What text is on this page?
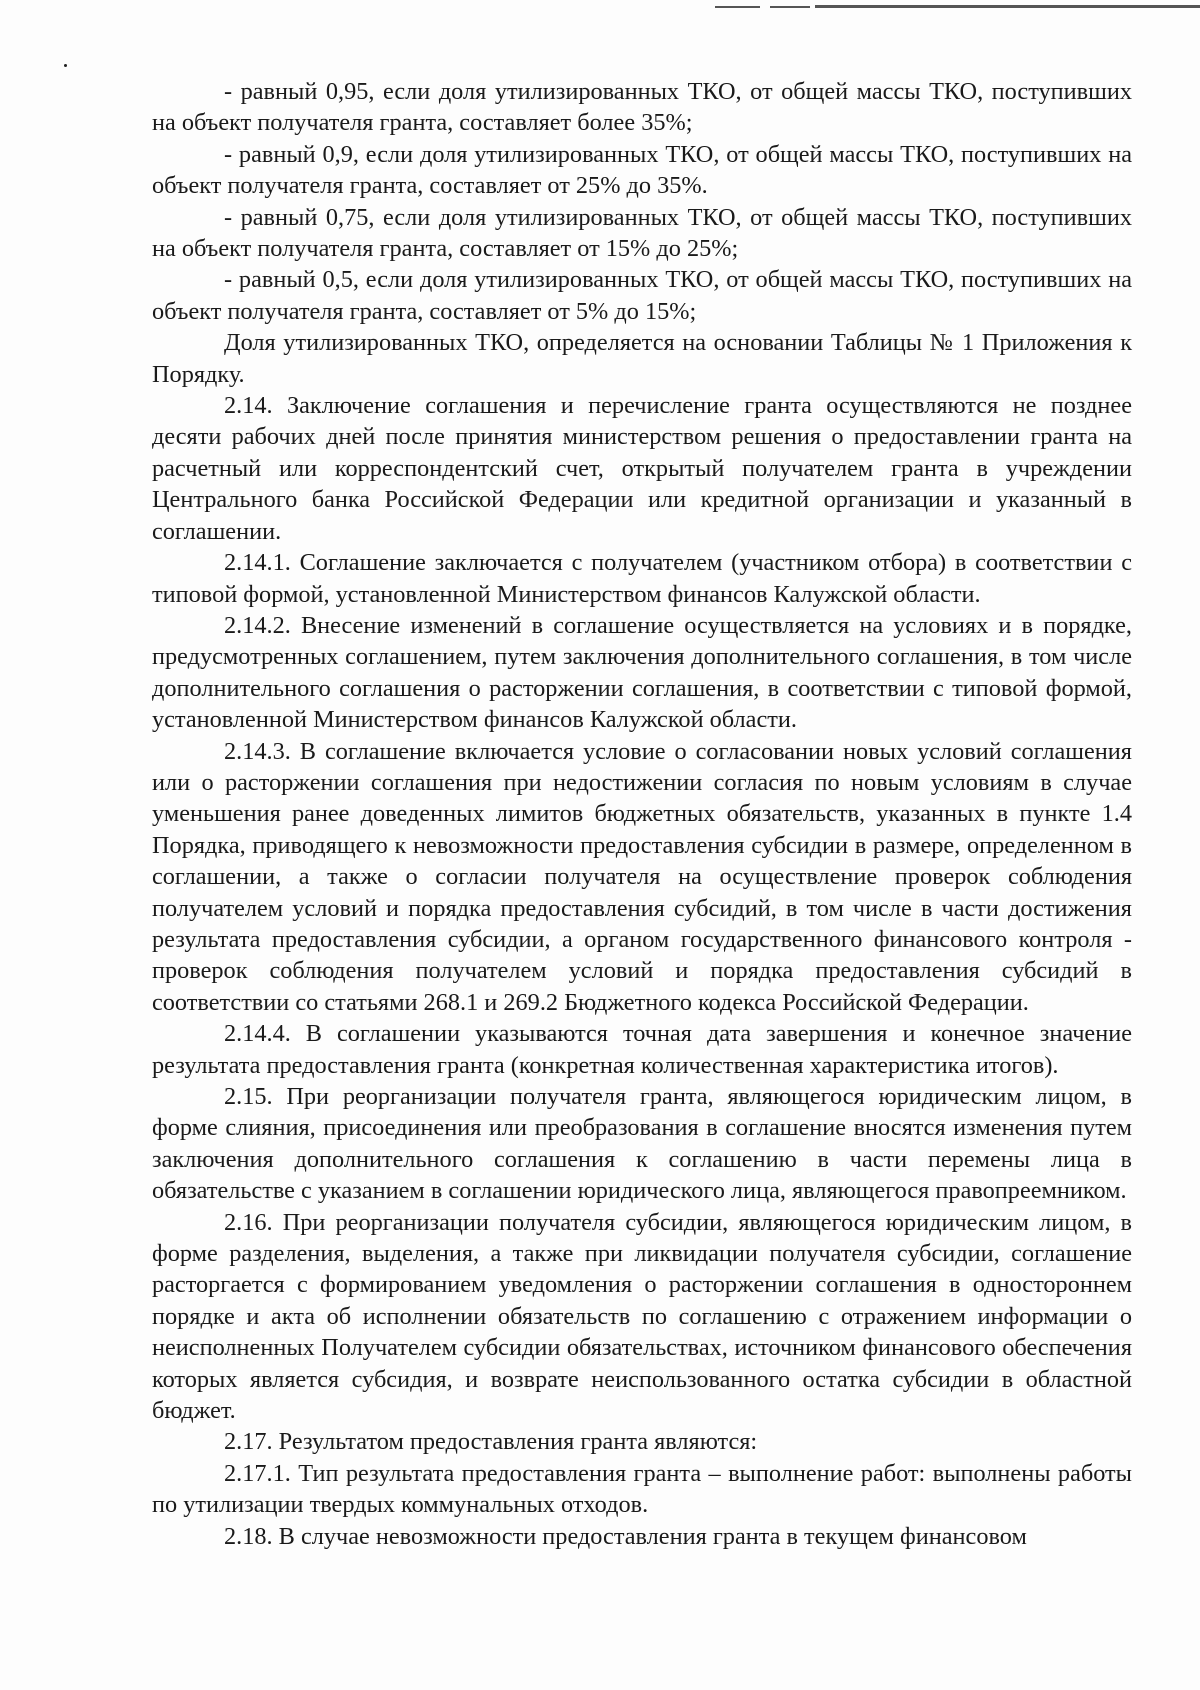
- равный 0,95, если доля утилизированных ТКО, от общей массы ТКО, поступивших на объект получателя гранта, составляет более 35%;

- равный 0,9, если доля утилизированных ТКО, от общей массы ТКО, поступивших на объект получателя гранта, составляет от 25% до 35%.

- равный 0,75, если доля утилизированных ТКО, от общей массы ТКО, поступивших на объект получателя гранта, составляет от 15% до 25%;

- равный 0,5, если доля утилизированных ТКО, от общей массы ТКО, поступивших на объект получателя гранта, составляет от 5% до 15%;

Доля утилизированных ТКО, определяется на основании Таблицы № 1 Приложения к Порядку.

2.14. Заключение соглашения и перечисление гранта осуществляются не позднее десяти рабочих дней после принятия министерством решения о предоставлении гранта на расчетный или корреспондентский счет, открытый получателем гранта в учреждении Центрального банка Российской Федерации или кредитной организации и указанный в соглашении.

2.14.1. Соглашение заключается с получателем (участником отбора) в соответствии с типовой формой, установленной Министерством финансов Калужской области.

2.14.2. Внесение изменений в соглашение осуществляется на условиях и в порядке, предусмотренных соглашением, путем заключения дополнительного соглашения, в том числе дополнительного соглашения о расторжении соглашения, в соответствии с типовой формой, установленной Министерством финансов Калужской области.

2.14.3. В соглашение включается условие о согласовании новых условий соглашения или о расторжении соглашения при недостижении согласия по новым условиям в случае уменьшения ранее доведенных лимитов бюджетных обязательств, указанных в пункте 1.4 Порядка, приводящего к невозможности предоставления субсидии в размере, определенном в соглашении, а также о согласии получателя на осуществление проверок соблюдения получателем условий и порядка предоставления субсидий, в том числе в части достижения результата предоставления субсидии, а органом государственного финансового контроля - проверок соблюдения получателем условий и порядка предоставления субсидий в соответствии со статьями 268.1 и 269.2 Бюджетного кодекса Российской Федерации.

2.14.4. В соглашении указываются точная дата завершения и конечное значение результата предоставления гранта (конкретная количественная характеристика итогов).

2.15. При реорганизации получателя гранта, являющегося юридическим лицом, в форме слияния, присоединения или преобразования в соглашение вносятся изменения путем заключения дополнительного соглашения к соглашению в части перемены лица в обязательстве с указанием в соглашении юридического лица, являющегося правопреемником.

2.16. При реорганизации получателя субсидии, являющегося юридическим лицом, в форме разделения, выделения, а также при ликвидации получателя субсидии, соглашение расторгается с формированием уведомления о расторжении соглашения в одностороннем порядке и акта об исполнении обязательств по соглашению с отражением информации о неисполненных Получателем субсидии обязательствах, источником финансового обеспечения которых является субсидия, и возврате неиспользованного остатка субсидии в областной бюджет.

2.17. Результатом предоставления гранта являются:

2.17.1. Тип результата предоставления гранта – выполнение работ: выполнены работы по утилизации твердых коммунальных отходов.

2.18. В случае невозможности предоставления гранта в текущем финансовом
